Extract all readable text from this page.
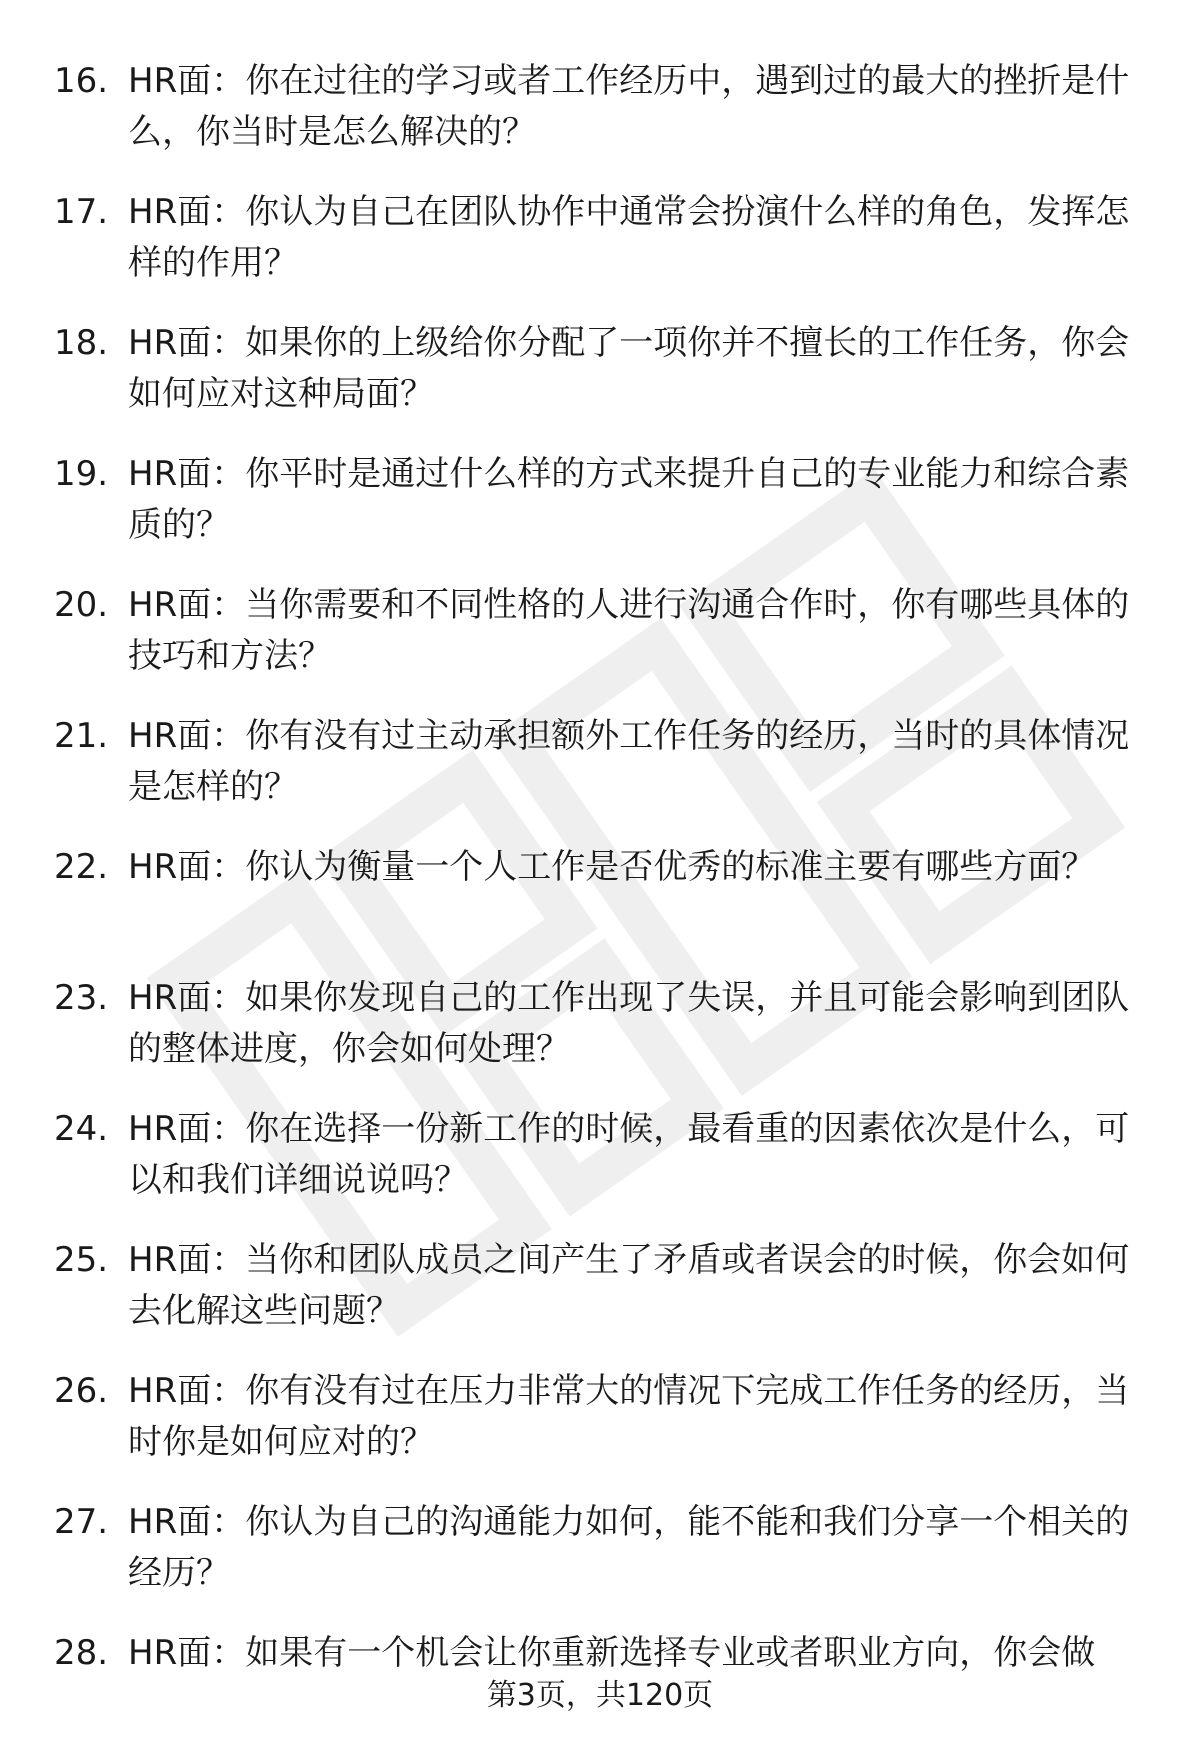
16. HR面：你在过往的学习或者工作经历中，遇到过的最大的挫折是什么，你当时是怎么解决的？
17. HR面：你认为自己在团队协作中通常会扮演什么样的角色，发挥怎样的作用？
18. HR面：如果你的上级给你分配了一项你并不擅长的工作任务，你会如何应对这种局面？
19. HR面：你平时是通过什么样的方式来提升自己的专业能力和综合素质的？
20. HR面：当你需要和不同性格的人进行沟通合作时，你有哪些具体的技巧和方法？
21. HR面：你有没有过主动承担额外工作任务的经历，当时的具体情况是怎样的？
22. HR面：你认为衡量一个人工作是否优秀的标准主要有哪些方面？
23. HR面：如果你发现自己的工作出现了失误，并且可能会影响到团队的整体进度，你会如何处理？
24. HR面：你在选择一份新工作的时候，最看重的因素依次是什么，可以和我们详细说说吗？
25. HR面：当你和团队成员之间产生了矛盾或者误会的时候，你会如何去化解这些问题？
26. HR面：你有没有过在压力非常大的情况下完成工作任务的经历，当时你是如何应对的？
27. HR面：你认为自己的沟通能力如何，能不能和我们分享一个相关的经历？
28. HR面：如果有一个机会让你重新选择专业或者职业方向，你会做
第3页，共120页
